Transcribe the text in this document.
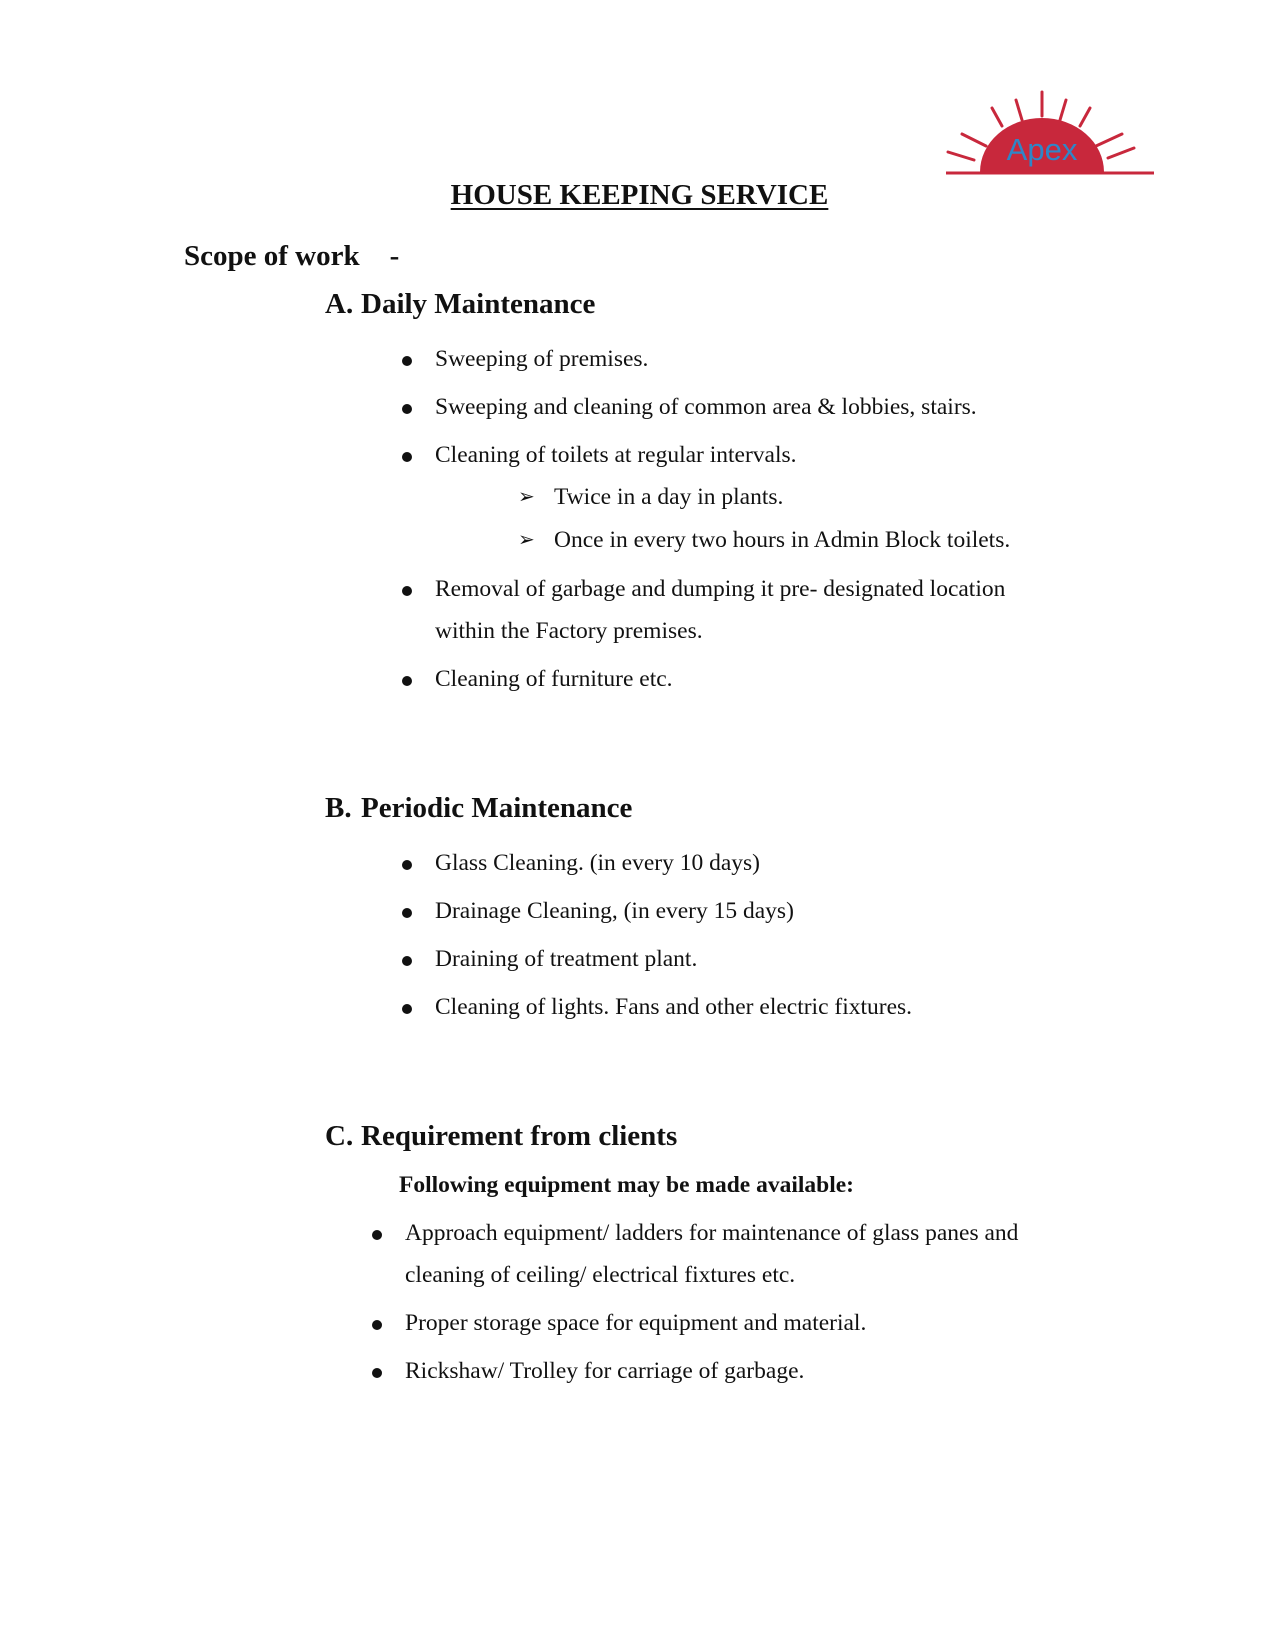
Apex
HOUSE KEEPING SERVICE
Scope of work -
A. Daily Maintenance
Sweeping of premises.
Sweeping and cleaning of common area & lobbies, stairs.
Cleaning of toilets at regular intervals.
➢ Twice in a day in plants.
➢ Once in every two hours in Admin Block toilets.
Removal of garbage and dumping it pre- designated location
within the Factory premises.
Cleaning of furniture etc.
B. Periodic Maintenance
Glass Cleaning. (in every 10 days)
Drainage Cleaning, (in every 15 days)
Draining of treatment plant.
Cleaning of lights. Fans and other electric fixtures.
C. Requirement from clients
Following equipment may be made available:
Approach equipment/ ladders for maintenance of glass panes and
cleaning of ceiling/ electrical fixtures etc.
Proper storage space for equipment and material.
Rickshaw/ Trolley for carriage of garbage.
